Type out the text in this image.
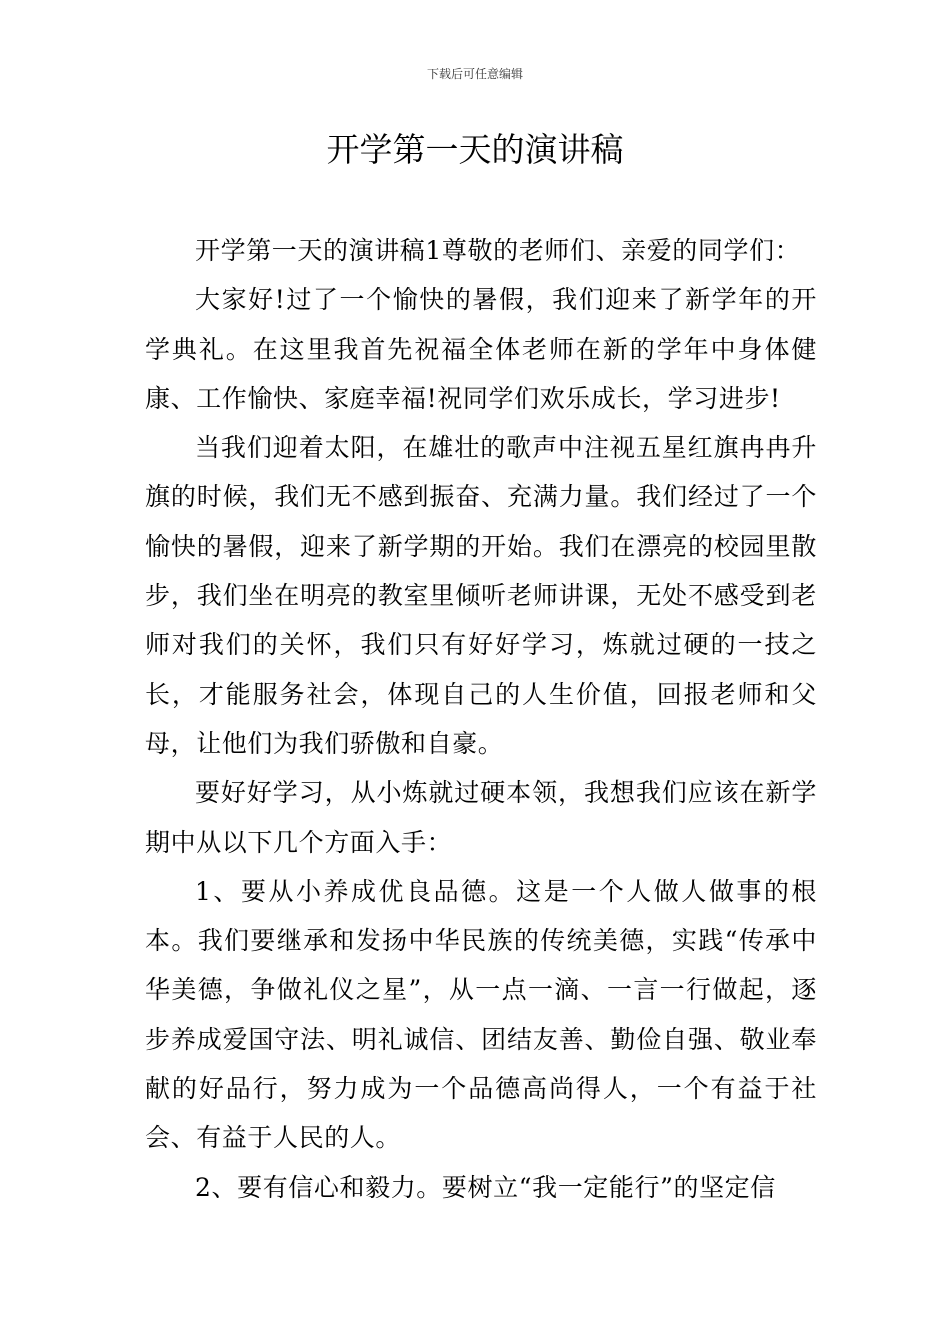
下载后可任意编辑
开学第一天的演讲稿

开学第一天的演讲稿1尊敬的老师们、亲爱的同学们：

大家好!过了一个愉快的暑假，我们迎来了新学年的开学典礼。在这里我首先祝福全体老师在新的学年中身体健康、工作愉快、家庭幸福!祝同学们欢乐成长，学习进步!

当我们迎着太阳，在雄壮的歌声中注视五星红旗冉冉升旗的时候，我们无不感到振奋、充满力量。我们经过了一个愉快的暑假，迎来了新学期的开始。我们在漂亮的校园里散步，我们坐在明亮的教室里倾听老师讲课，无处不感受到老师对我们的关怀，我们只有好好学习，炼就过硬的一技之长，才能服务社会，体现自己的人生价值，回报老师和父母，让他们为我们骄傲和自豪。

要好好学习，从小炼就过硬本领，我想我们应该在新学期中从以下几个方面入手：

1、要从小养成优良品德。这是一个人做人做事的根本。我们要继承和发扬中华民族的传统美德，实践“传承中华美德，争做礼仪之星”，从一点一滴、一言一行做起，逐步养成爱国守法、明礼诚信、团结友善、勤俭自强、敬业奉献的好品行，努力成为一个品德高尚得人，一个有益于社会、有益于人民的人。

2、要有信心和毅力。要树立“我一定能行”的坚定信
